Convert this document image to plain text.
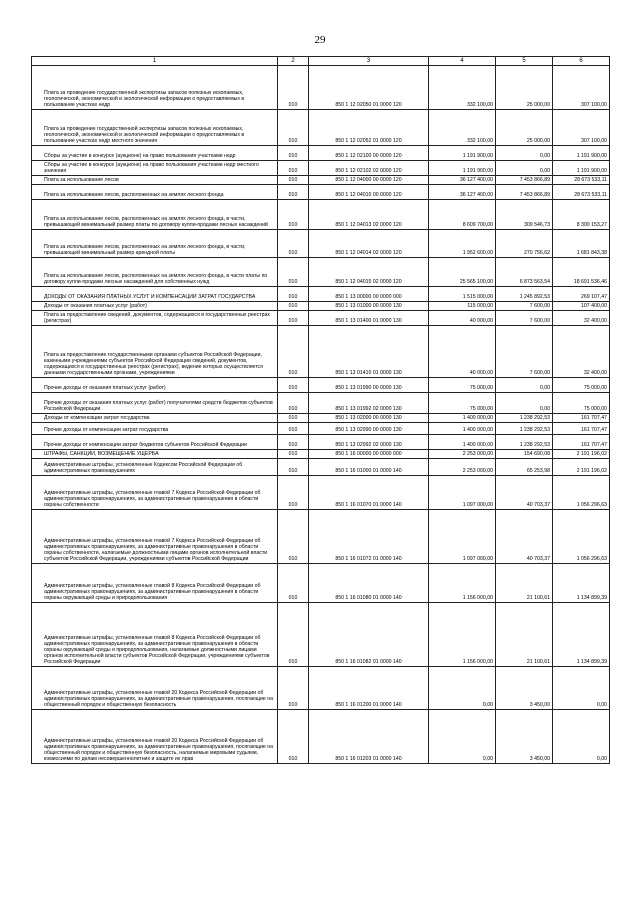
29
1	2	3	4	5	6

Плата за проведение государственной экспертизы запасов полезных ископаемых, геологической, экономической и экологической информации о предоставляемых в пользование участках недр	010	850 1 12 02050 01 0000 120	332 100,00	25 000,00	307 100,00

Плата за проведение государственной экспертизы запасов полезных ископаемых, геологической, экономической и экологической информации о предоставляемых в пользование участках недр местного значения	010	850 1 12 02052 01 0000 120	332 100,00	25 000,00	307 100,00

Сборы за участие в конкурсе (аукционе) на право пользования участками недр	010	850 1 12 02100 00 0000 120	1 191 900,00	0,00	1 191 900,00

Сборы за участие в конкурсе (аукционе) на право пользования участками недр местного значения	010	850 1 12 02102 02 0000 120	1 191 900,00	0,00	1 191 900,00

Плата за использование лесов	010	850 1 12 04000 00 0000 120	36 127 400,00	7 453 866,89	28 673 533,11

Плата за использование лесов, расположенных на землях лесного фонда	010	850 1 12 04010 00 0000 120	36 127 400,00	7 453 866,89	28 673 533,11

Плата за использование лесов, расположенных на землях лесного фонда, в части, превышающей минимальный размер платы по договору купли-продажи лесных насаждений	010	850 1 12 04013 02 0000 120	8 609 700,00	309 546,73	8 300 153,27

Плата за использование лесов, расположенных на землях лесного фонда, в части, превышающей минимальный размер арендной платы	010	850 1 12 04014 02 0000 120	1 952 600,00	270 756,62	1 681 843,38

Плата за использование лесов, расположенных на землях лесного фонда, в части платы по договору купли-продажи лесных насаждений для собственных нужд	010	850 1 12 04015 02 0000 120	25 565 100,00	6 873 563,54	18 691 536,46

ДОХОДЫ ОТ ОКАЗАНИЯ ПЛАТНЫХ УСЛУГ И КОМПЕНСАЦИИ ЗАТРАТ ГОСУДАРСТВА	010	850 1 13 00000 00 0000 000	1 515 000,00	1 245 892,53	269 107,47

Доходы от оказания платных услуг (работ)	010	850 1 13 01000 00 0000 130	115 000,00	7 600,00	107 400,00

Плата за предоставление сведений, документов, содержащихся в государственных реестрах (регистрах)	010	850 1 13 01400 01 0000 130	40 000,00	7 600,00	32 400,00

Плата за предоставление государственными органами субъектов Российской Федерации, казенными учреждениями субъектов Российской Федерации сведений, документов, содержащихся в государственных реестрах (регистрах), ведение которых осуществляется данными государственными органами, учреждениями	010	850 1 13 01410 01 0000 130	40 000,00	7 600,00	32 400,00

Прочие доходы от оказания платных услуг (работ)	010	850 1 13 01990 00 0000 130	75 000,00	0,00	75 000,00

Прочие доходы от оказания платных услуг (работ) получателями средств бюджетов субъектов Российской Федерации	010	850 1 13 01992 02 0000 130	75 000,00	0,00	75 000,00

Доходы от компенсации затрат государства	010	850 1 13 02000 00 0000 130	1 400 000,00	1 238 292,53	161 707,47

Прочие доходы от компенсации затрат государства	010	850 1 13 02990 00 0000 130	1 400 000,00	1 238 292,53	161 707,47

Прочие доходы от компенсации затрат бюджетов субъектов Российской Федерации	010	850 1 13 02992 02 0000 130	1 400 000,00	1 238 292,53	161 707,47

ШТРАФЫ, САНКЦИИ, ВОЗМЕЩЕНИЕ УЩЕРБА	010	850 1 16 00000 00 0000 000	2 253 000,00	154 690,08	2 191 196,02

Административные штрафы, установленные Кодексом Российской Федерации об административных правонарушениях	010	850 1 16 01000 01 0000 140	2 253 000,00	65 253,98	2 191 196,02

Административные штрафы, установленные главой 7 Кодекса Российской Федерации об административных правонарушениях, за административные правонарушения в области охраны собственности	010	850 1 16 01070 01 0000 140	1 097 000,00	40 703,37	1 056 296,63

Административные штрафы, установленные главой 7 Кодекса Российской Федерации об административных правонарушениях, за административные правонарушения в области охраны собственности, налагаемые должностными лицами органов исполнительной власти субъектов Российской Федерации, учреждениями субъектов Российской Федерации	010	850 1 16 01072 01 0000 140	1 097 000,00	40 703,37	1 056 296,63

Административные штрафы, установленные главой 8 Кодекса Российской Федерации об административных правонарушениях, за административные правонарушения в области охраны окружающей среды и природопользования	010	850 1 16 01080 01 0000 140	1 156 000,00	21 100,61	1 134 899,39

Административные штрафы, установленные главой 8 Кодекса Российской Федерации об административных правонарушениях, за административные правонарушения в области охраны окружающей среды и природопользования, налагаемые должностными лицами органов исполнительной власти субъектов Российской Федерации, учреждениями субъектов Российской Федерации	010	850 1 16 01082 01 0000 140	1 156 000,00	21 100,61	1 134 899,39

Административные штрафы, установленные главой 20 Кодекса Российской Федерации об административных правонарушениях, за административные правонарушения, посягающие на общественный порядок и общественную безопасность	010	850 1 16 01200 01 0000 140	0,00	3 450,00	0,00

Административные штрафы, установленные главой 20 Кодекса Российской Федерации об административных правонарушениях, за административные правонарушения, посягающие на общественный порядок и общественную безопасность, налагаемые мировыми судьями, комиссиями по делам несовершеннолетних и защите их прав	010	850 1 16 01203 01 0000 140	0,00	3 450,00	0,00
